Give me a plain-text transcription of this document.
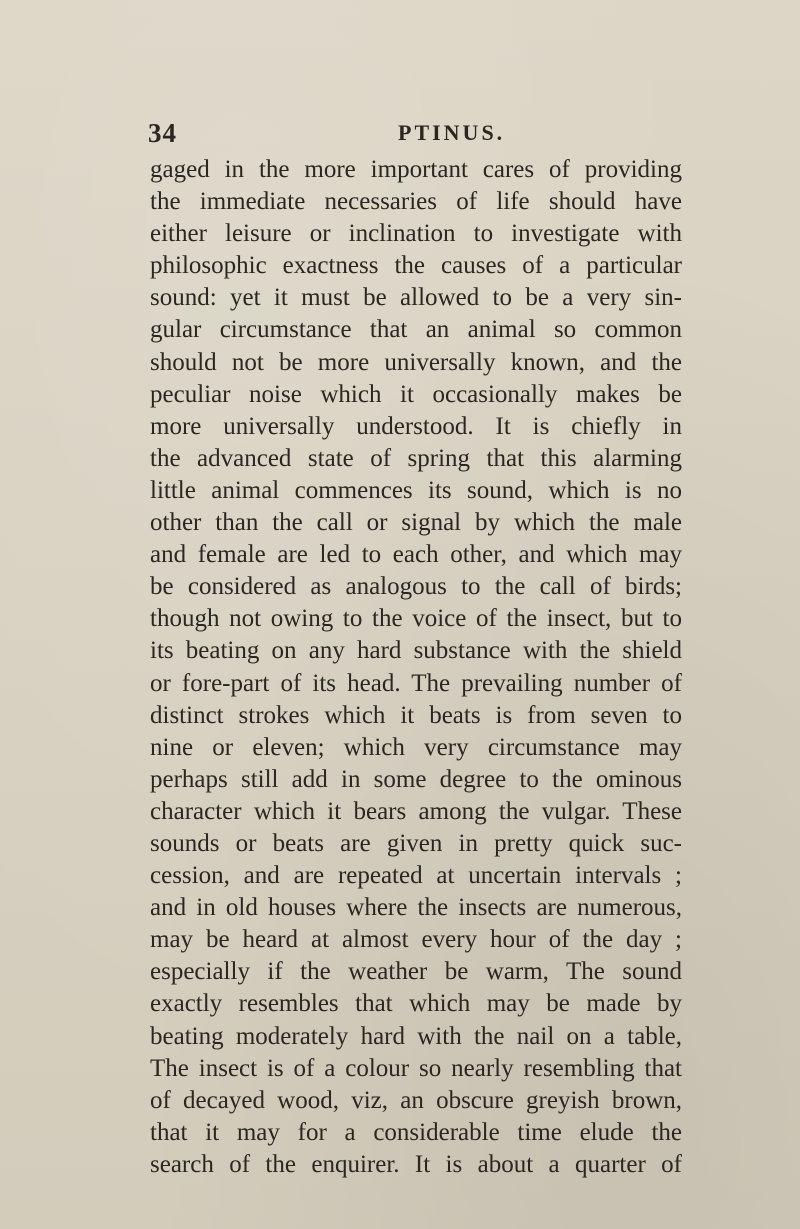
34	PTINUS.
gaged in the more important cares of providing
the immediate necessaries of life should have
either leisure or inclination to investigate with
philosophic exactness the causes of a particular
sound: yet it must be allowed to be a very sin-
gular circumstance that an animal so common
should not be more universally known, and the
peculiar noise which it occasionally makes be
more universally understood. It is chiefly in
the advanced state of spring that this alarming
little animal commences its sound, which is no
other than the call or signal by which the male
and female are led to each other, and which may
be considered as analogous to the call of birds;
though not owing to the voice of the insect, but to
its beating on any hard substance with the shield
or fore-part of its head. The prevailing number of
distinct strokes which it beats is from seven to
nine or eleven; which very circumstance may
perhaps still add in some degree to the ominous
character which it bears among the vulgar. These
sounds or beats are given in pretty quick suc-
cession, and are repeated at uncertain intervals ;
and in old houses where the insects are numerous,
may be heard at almost every hour of the day ;
especially if the weather be warm, The sound
exactly resembles that which may be made by
beating moderately hard with the nail on a table,
The insect is of a colour so nearly resembling that
of decayed wood, viz, an obscure greyish brown,
that it may for a considerable time elude the
search of the enquirer. It is about a quarter of
